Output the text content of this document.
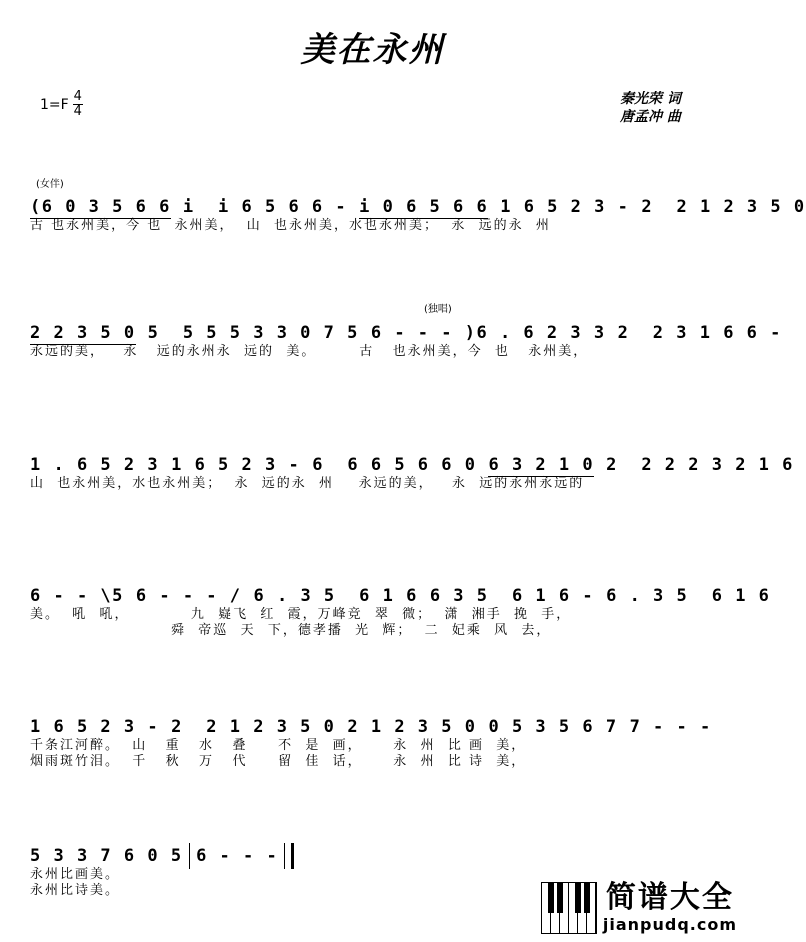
美在永州
1=F 4
4
秦光荣 词
唐孟冲 曲
(女伴)
(独唱)
(6 0 3 5 6 6 i  i 6 5 6 6 - i 0 6 5 6 6 1 6 5 2 3 - 2  2 1 2 3 5 0
古 也永州美，今 也  永州美，  山  也永州美，水也永州美；  永  远的永  州
2 2 3 5 0 5  5 5 5 3 3 0 7 5 6 - - - ) 6 . 6 2 3 3 2  2 3 1 6 6 -
永远的美，   永   远的永州永  远的  美。       古   也永州美，今  也   永州美，
1 . 6 5 2 3 1 6 5 2 3 - 6  6 6 5 6 6 0 6 3 2 1 0 2  2 2 2 3 2 1 6
山  也永州美，水也永州美；  永  远的永  州    永远的美，   永  远的永州永远的
6 - - \5 6 - - - / 6 . 3 5  6 1 6 6 3 5  6 1 6 - 6 . 3 5  6 1 6
美。  吼  吼，          九  嶷飞  红  霞，万峰竞  翠  微；  潇  湘手  挽  手，
舜  帝巡  天  下，德孝播  光  辉；  二  妃乘  风  去，
1 6 5 2 3 - 2  2 1 2 3 5 0 2 1 2 3 5 0 0 5 3 5 6 7 7 - - -
千条江河醉。  山   重   水   叠     不  是  画，     永  州  比 画  美，
烟雨斑竹泪。  千   秋   万   代     留  佳  话，     永  州  比 诗  美，
5 3 3 7 6 0 5 6 - - -
永州比画美。
永州比诗美。	简谱大全
jianpudq.com
